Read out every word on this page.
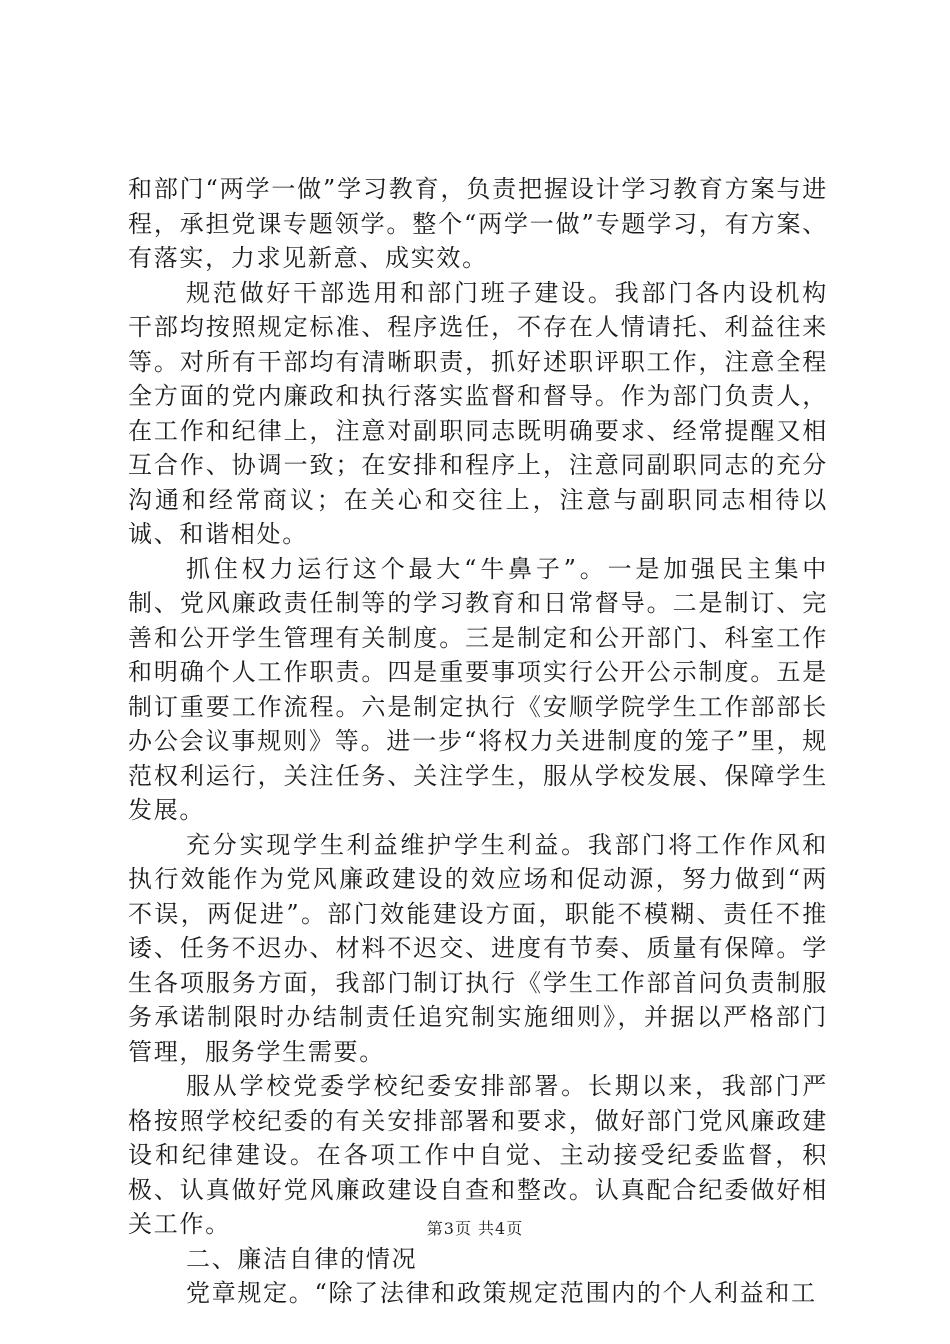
和部门“两学一做”学习教育，负责把握设计学习教育方案与进程，承担党课专题领学。整个“两学一做”专题学习，有方案、有落实，力求见新意、成实效。

规范做好干部选用和部门班子建设。我部门各内设机构干部均按照规定标准、程序选任，不存在人情请托、利益往来等。对所有干部均有清晰职责，抓好述职评职工作，注意全程全方面的党内廉政和执行落实监督和督导。作为部门负责人，在工作和纪律上，注意对副职同志既明确要求、经常提醒又相互合作、协调一致；在安排和程序上，注意同副职同志的充分沟通和经常商议；在关心和交往上，注意与副职同志相待以诚、和谐相处。

抓住权力运行这个最大“牛鼻子”。一是加强民主集中制、党风廉政责任制等的学习教育和日常督导。二是制订、完善和公开学生管理有关制度。三是制定和公开部门、科室工作和明确个人工作职责。四是重要事项实行公开公示制度。五是制订重要工作流程。六是制定执行《安顺学院学生工作部部长办公会议事规则》等。进一步“将权力关进制度的笼子”里，规范权利运行，关注任务、关注学生，服从学校发展、保障学生发展。

充分实现学生利益维护学生利益。我部门将工作作风和执行效能作为党风廉政建设的效应场和促动源，努力做到“两不误，两促进”。部门效能建设方面，职能不模糊、责任不推诿、任务不迟办、材料不迟交、进度有节奏、质量有保障。学生各项服务方面，我部门制订执行《学生工作部首问负责制服务承诺制限时办结制责任追究制实施细则》，并据以严格部门管理，服务学生需要。

服从学校党委学校纪委安排部署。长期以来，我部门严格按照学校纪委的有关安排部署和要求，做好部门党风廉政建设和纪律建设。在各项工作中自觉、主动接受纪委监督，积极、认真做好党风廉政建设自查和整改。认真配合纪委做好相关工作。

二、廉洁自律的情况

党章规定。“除了法律和政策规定范围内的个人利益和工

第3页 共4页
